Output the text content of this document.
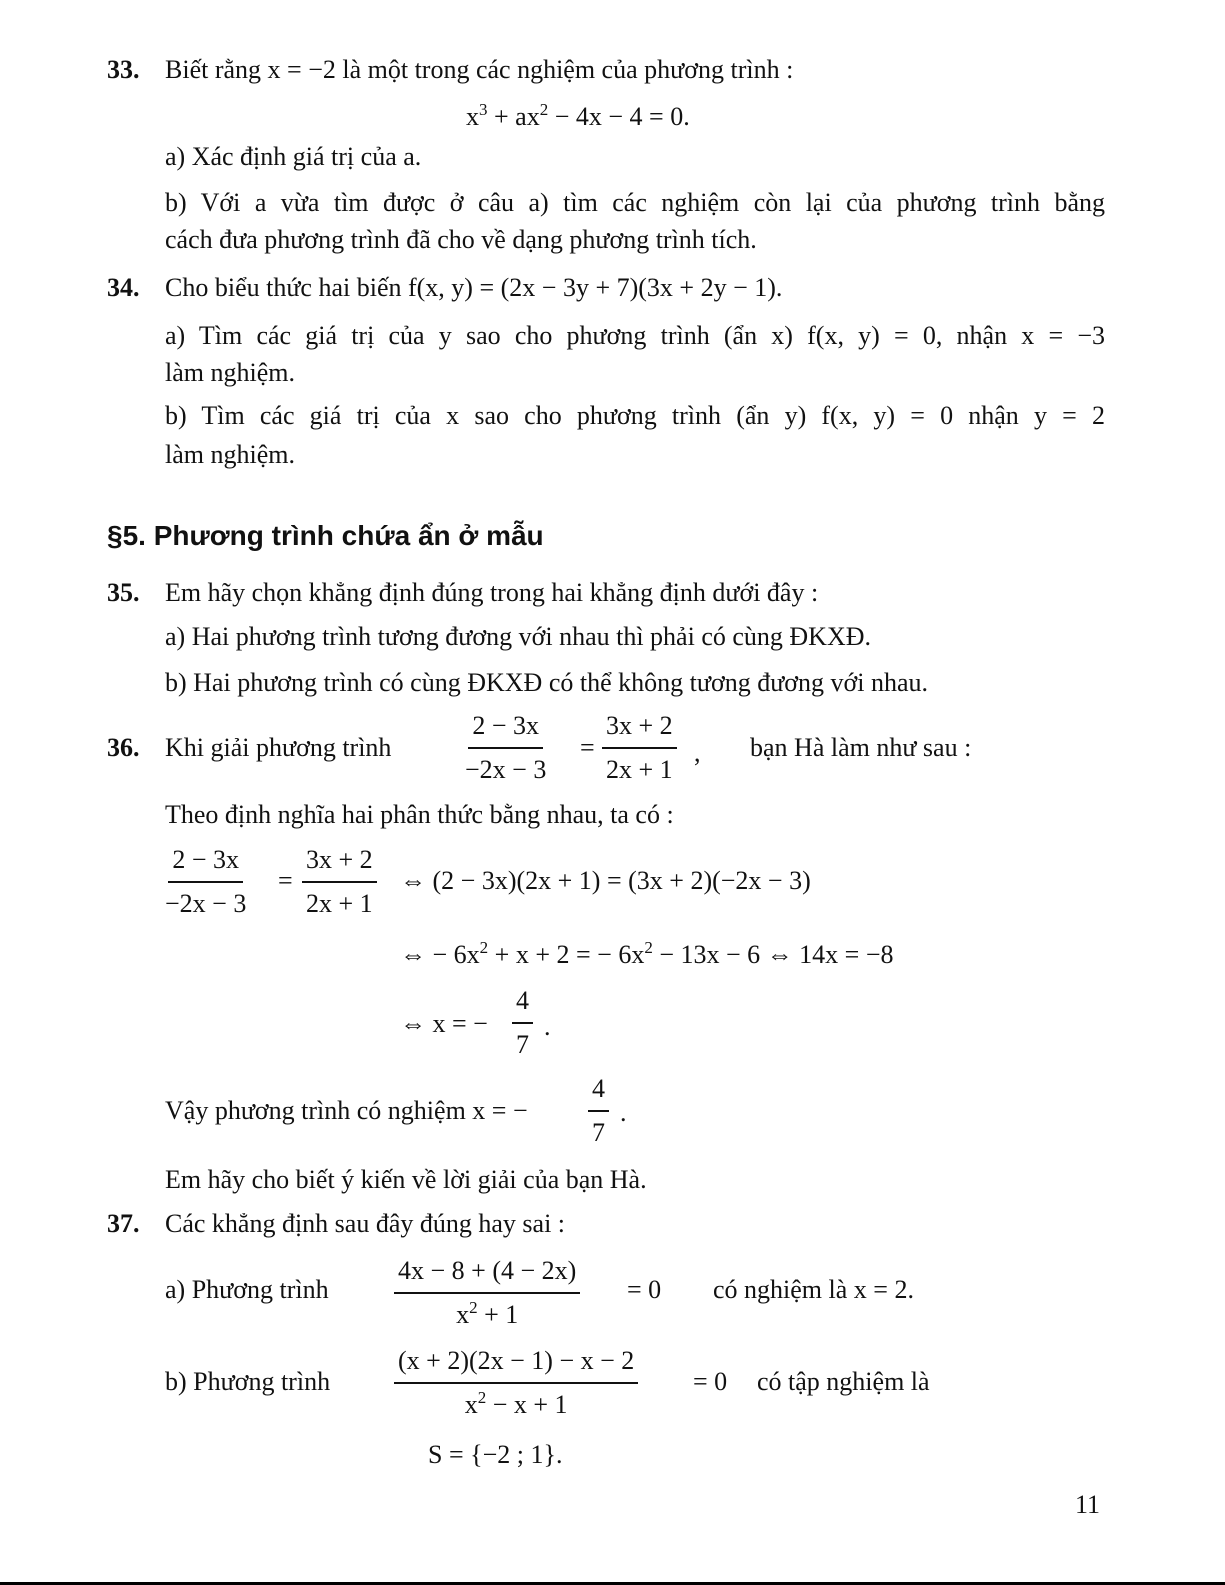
33. Biết rằng x = −2 là một trong các nghiệm của phương trình :
$x^3 + ax^2 - 4x - 4 = 0$.
a) Xác định giá trị của a.
b) Với a vừa tìm được ở câu a) tìm các nghiệm còn lại của phương trình bằng
cách đưa phương trình đã cho về dạng phương trình tích.
34. Cho biểu thức hai biến f(x, y) = (2x − 3y + 7)(3x + 2y − 1).
a) Tìm các giá trị của y sao cho phương trình (ẩn x) f(x, y) = 0, nhận x = −3
làm nghiệm.
b) Tìm các giá trị của x sao cho phương trình (ẩn y) f(x, y) = 0 nhận y = 2
làm nghiệm.
§5. Phương trình chứa ẩn ở mẫu
35. Em hãy chọn khẳng định đúng trong hai khẳng định dưới đây :
a) Hai phương trình tương đương với nhau thì phải có cùng ĐKXĐ.
b) Hai phương trình có cùng ĐKXĐ có thể không tương đương với nhau.
36. Khi giải phương trình	$\frac{2 - 3x}{-2x - 3} = \frac{3x + 2}{2x + 1}$ , bạn Hà làm như sau :
Theo định nghĩa hai phân thức bằng nhau, ta có :
$\frac{2 - 3x}{-2x - 3} = \frac{3x + 2}{2x + 1}$ ⇔ (2 − 3x)(2x + 1) = (3x + 2)(−2x − 3)
⇔ − $6x^2 + x + 2$ = − $6x^2 - 13x - 6$ ⇔ 14x = −8
⇔ x = − $\frac{4}{7}$ .
Vậy phương trình có nghiệm x = − $\frac{4}{7}$ .
Em hãy cho biết ý kiến về lời giải của bạn Hà.
37. Các khẳng định sau đây đúng hay sai :
a) Phương trình	$\frac{4x - 8 + (4 - 2x)}{x^2 + 1} = 0$ có nghiệm là x = 2.
b) Phương trình $\frac{(x + 2)(2x - 1) - x - 2}{x^2 - x + 1} = 0$ có tập nghiệm là
S = {−2 ; 1}.
11
